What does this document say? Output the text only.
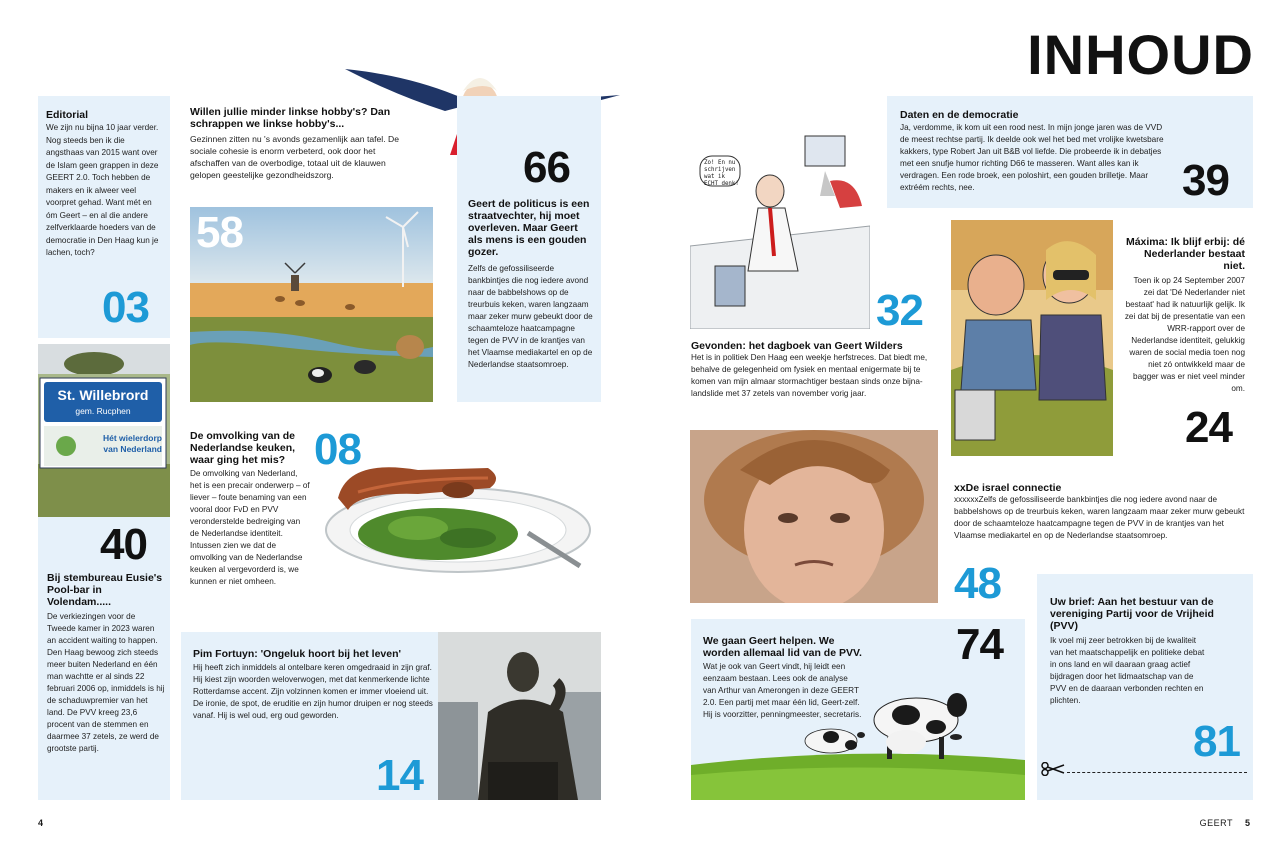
INHOUD
Editorial
We zijn nu bijna 10 jaar verder. Nog steeds ben ik die angsthaas van 2015 want over de Islam geen grappen in deze GEERT 2.0. Toch hebben de makers en ik alweer veel voorpret gehad. Want mét en óm Geert – en al die andere zelfverklaarde hoeders van de democratie in Den Haag kun je lachen, toch?
03
Willen jullie minder linkse hobby's? Dan schrappen we linkse hobby's...
Gezinnen zitten nu 's avonds gezamenlijk aan tafel. De sociale cohesie is enorm verbeterd, ook door het afschaffen van de overbodige, totaal uit de klauwen gelopen geestelijke gezondheidszorg.
58
66
Geert de politicus is een straatvechter, hij moet overleven. Maar Geert als mens is een gouden gozer.
Zelfs de gefossiliseerde bankbintjes die nog iedere avond naar de babbelshows op de treurbuis keken, waren langzaam maar zeker murw gebeukt door de schaamteloze haatcampagne tegen de PVV in de krantjes van het Vlaamse mediakartel en op de Nederlandse staatsomroep.
St. Willebrord
gem. Rucphen
Hét wielerdorp
van Nederland
40
Bij stembureau Eusie's Pool-bar in Volendam.....
De verkiezingen voor de Tweede kamer in 2023 waren an accident waiting to happen. Den Haag bewoog zich steeds meer buiten Nederland en één man wachtte er al sinds 22 februari 2006 op, inmiddels is hij de schaduwpremier van het land. De PVV kreeg 23,6 procent van de stemmen en daarmee 37 zetels, ze werd de grootste partij.
De omvolking van de Nederlandse keuken, waar ging het mis?
De omvolking van Nederland, het is een precair onderwerp – of liever – foute benaming van een vooral door FvD en PVV veronderstelde bedreiging van de Nederlandse identiteit. Intussen zien we dat de omvolking van de Nederlandse keuken al vergevorderd is, we kunnen er niet omheen.
08
Pim Fortuyn: 'Ongeluk hoort bij het leven'
Hij heeft zich inmiddels al ontelbare keren omgedraaid in zijn graf. Hij kiest zijn woorden weloverwogen, met dat kenmerkende lichte Rotterdamse accent. Zijn volzinnen komen er immer vloeiend uit. De ironie, de spot, de eruditie en zijn humor druipen er nog steeds vanaf. Hij is wel oud, erg oud geworden.
14
4
Zo! En nu schrijven wat ik ECHT denk!
32
Gevonden: het dagboek van Geert Wilders
Het is in politiek Den Haag een weekje herfstreces. Dat biedt me, behalve de gelegenheid om fysiek en mentaal enigermate bij te komen van mijn almaar stormachtiger bestaan sinds onze bijna-landslide met 37 zetels van november vorig jaar.
Daten en de democratie
Ja, verdomme, ik kom uit een rood nest. In mijn jonge jaren was de VVD de meest rechtse partij. Ik deelde ook wel het bed met vrolijke kwetsbare kakkers, type Robert Jan uit B&B vol liefde. Die probeerde ik in debatjes met een snufje humor richting D66 te masseren. Want alles kan ik verdragen. Een rode broek, een poloshirt, een gouden brilletje. Maar extréém rechts, nee.	39
Máxima: Ik blijf erbij: dé Nederlander bestaat niet.
Toen ik op 24 September 2007 zei dat 'Dé Nederlander niet bestaat' had ik natuurlijk gelijk. Ik zei dat bij de presentatie van een WRR-rapport over de Nederlandse identiteit, gelukkig waren de social media toen nog niet zó ontwikkeld maar de bagger was er niet veel minder om.
24
xxDe israel connectie
xxxxxxZelfs de gefossiliseerde bankbintjes die nog iedere avond naar de babbelshows op de treurbuis keken, waren langzaam maar zeker murw gebeukt door de schaamteloze haatcampagne tegen de PVV in de krantjes van het Vlaamse mediakartel en op de Nederlandse staatsomroep.
48
We gaan Geert helpen. We worden allemaal lid van de PVV.
Wat je ook van Geert vindt, hij leidt een eenzaam bestaan. Lees ook de analyse van Arthur van Amerongen in deze GEERT 2.0. Een partij met maar één lid, Geert-zelf. Hij is voorzitter, penningmeester, secretaris.
74
Uw brief: Aan het bestuur van de vereniging Partij voor de Vrijheid (PVV)
Ik voel mij zeer betrokken bij de kwaliteit van het maatschappelijk en politieke debat in ons land en wil daaraan graag actief bijdragen door het lidmaatschap van de PVV en de daaraan verbonden rechten en plichten.
81
GEERT 5
